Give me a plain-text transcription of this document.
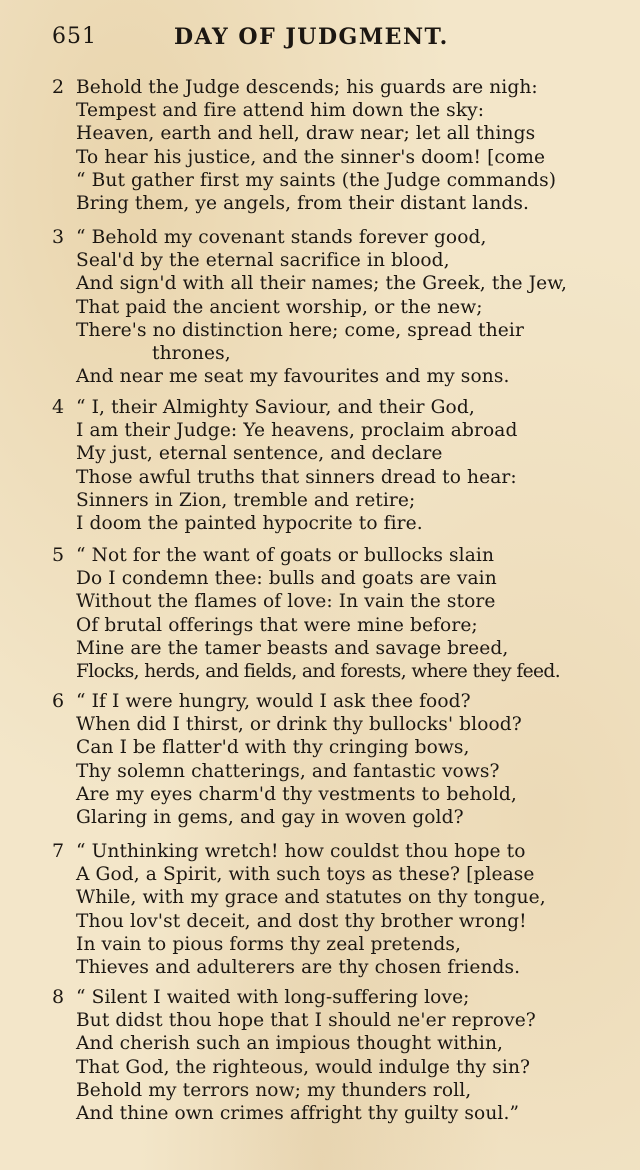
651	DAY OF JUDGMENT.
2 Behold the Judge descends; his guards are nigh:
Tempest and fire attend him down the sky:
Heaven, earth and hell, draw near; let all things
To hear his justice, and the sinner's doom! [come
“ But gather first my saints (the Judge commands)
Bring them, ye angels, from their distant lands.
3 “ Behold my covenant stands forever good,
Seal'd by the eternal sacrifice in blood,
And sign'd with all their names; the Greek, the Jew,
That paid the ancient worship, or the new;
There's no distinction here; come, spread their
thrones,
And near me seat my favourites and my sons.
4 “ I, their Almighty Saviour, and their God,
I am their Judge: Ye heavens, proclaim abroad
My just, eternal sentence, and declare
Those awful truths that sinners dread to hear:
Sinners in Zion, tremble and retire;
I doom the painted hypocrite to fire.
5 “ Not for the want of goats or bullocks slain
Do I condemn thee: bulls and goats are vain
Without the flames of love: In vain the store
Of brutal offerings that were mine before;
Mine are the tamer beasts and savage breed,
Flocks, herds, and fields, and forests, where they feed.
6 “ If I were hungry, would I ask thee food?
When did I thirst, or drink thy bullocks' blood?
Can I be flatter'd with thy cringing bows,
Thy solemn chatterings, and fantastic vows?
Are my eyes charm'd thy vestments to behold,
Glaring in gems, and gay in woven gold?
7 “ Unthinking wretch! how couldst thou hope to
A God, a Spirit, with such toys as these? [please
While, with my grace and statutes on thy tongue,
Thou lov'st deceit, and dost thy brother wrong!
In vain to pious forms thy zeal pretends,
Thieves and adulterers are thy chosen friends.
8 “ Silent I waited with long-suffering love;
But didst thou hope that I should ne'er reprove?
And cherish such an impious thought within,
That God, the righteous, would indulge thy sin?
Behold my terrors now; my thunders roll,
And thine own crimes affright thy guilty soul.”
